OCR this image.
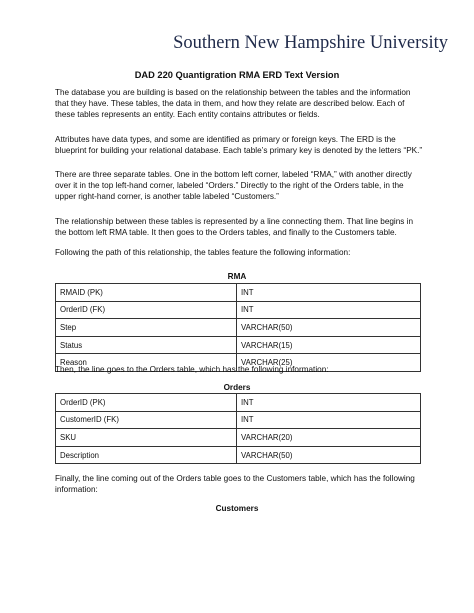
Southern New Hampshire University
DAD 220 Quantigration RMA ERD Text Version
The database you are building is based on the relationship between the tables and the information that they have. These tables, the data in them, and how they relate are described below. Each of these tables represents an entity. Each entity contains attributes or fields.
Attributes have data types, and some are identified as primary or foreign keys. The ERD is the blueprint for building your relational database. Each table’s primary key is denoted by the letters “PK.”
There are three separate tables. One in the bottom left corner, labeled “RMA,” with another directly over it in the top left-hand corner, labeled “Orders.” Directly to the right of the Orders table, in the upper right-hand corner, is another table labeled “Customers.”
The relationship between these tables is represented by a line connecting them. That line begins in the bottom left RMA table. It then goes to the Orders tables, and finally to the Customers table.
Following the path of this relationship, the tables feature the following information:
RMA
RMAID (PK)	INT
OrderID (FK)	INT
Step	VARCHAR(50)
Status	VARCHAR(15)
Reason	VARCHAR(25)
Then, the line goes to the Orders table, which has the following information:
Orders
OrderID (PK)	INT
CustomerID (FK)	INT
SKU	VARCHAR(20)
Description	VARCHAR(50)
Finally, the line coming out of the Orders table goes to the Customers table, which has the following information:
Customers
